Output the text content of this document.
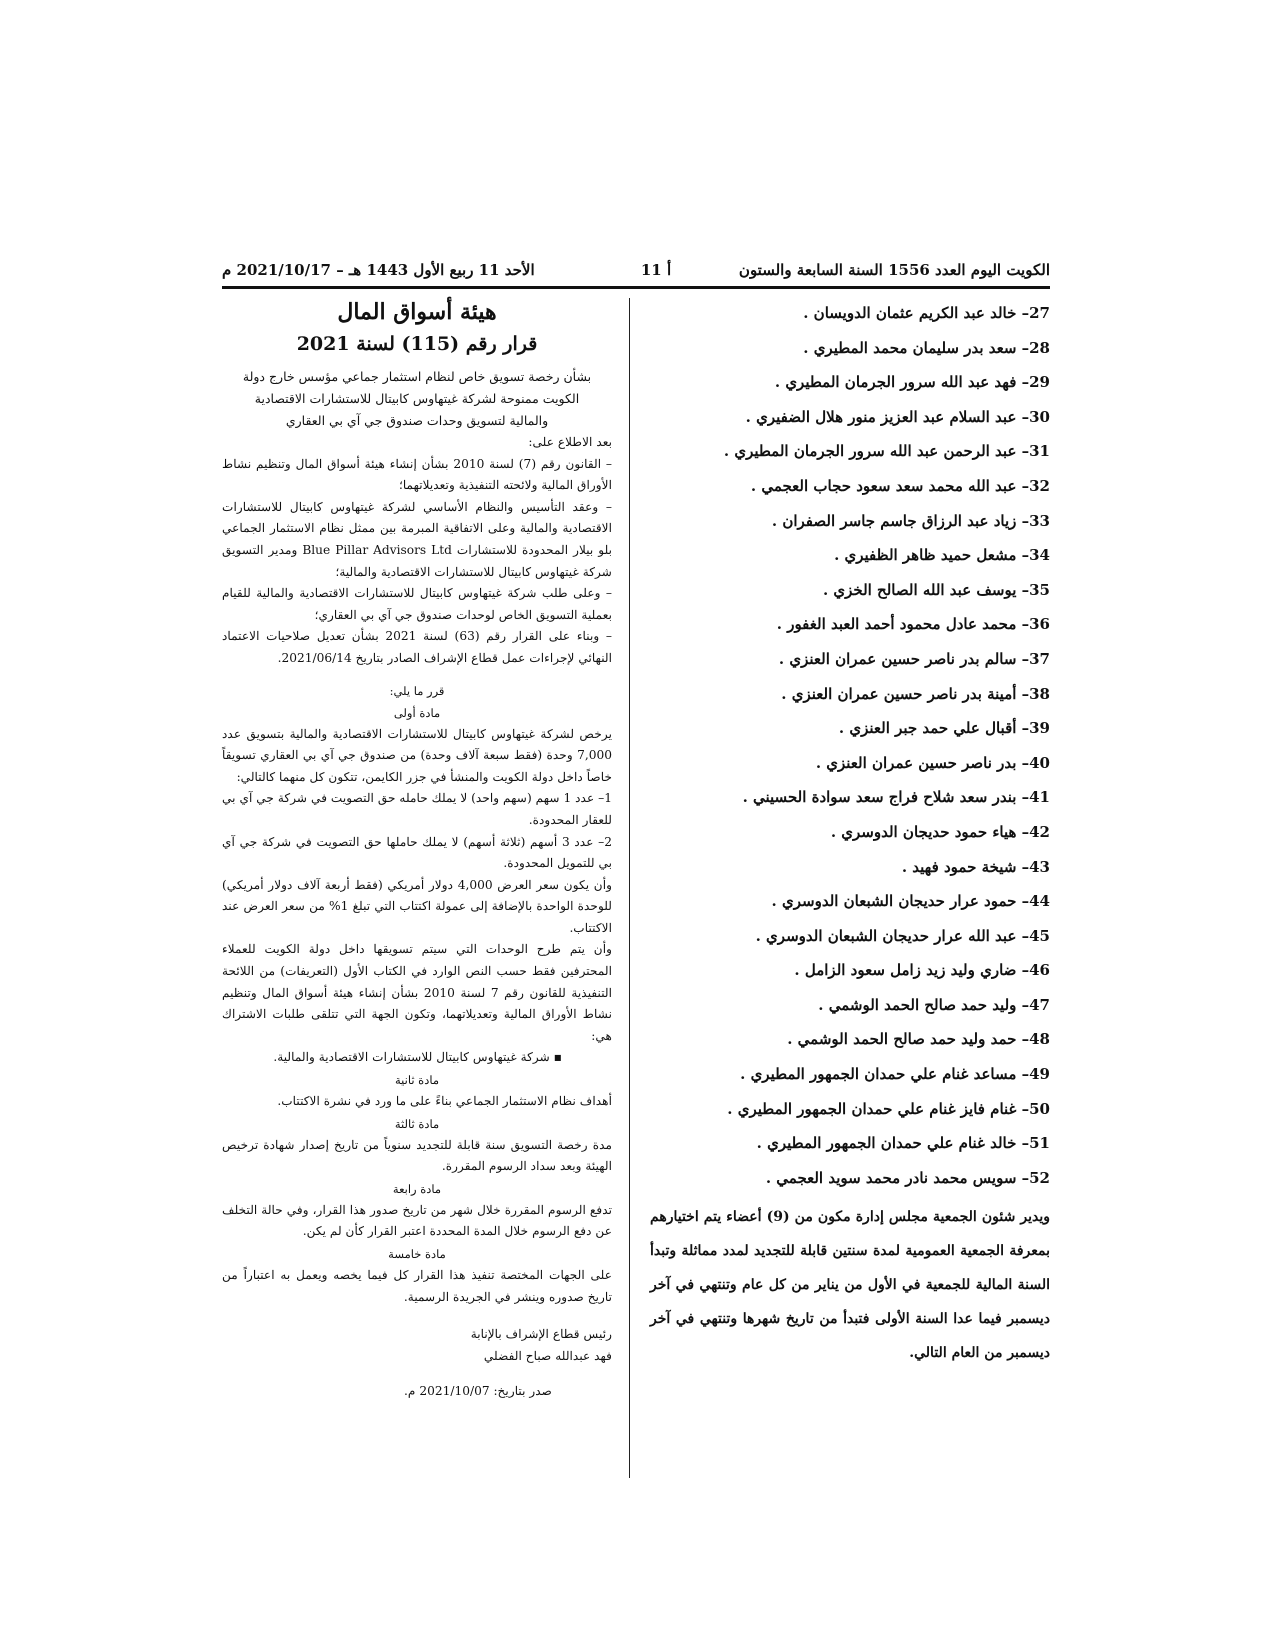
الكويت اليوم العدد 1556 السنة السابعة والستون
أ 11
الأحد 11 ربيع الأول 1443 هـ – 2021/10/17 م
27– خالد عبد الكريم عثمان الدويسان .
28– سعد بدر سليمان محمد المطيري .
29– فهد عبد الله سرور الجرمان المطيري .
30– عبد السلام عبد العزيز منور هلال الضفيري .
31– عبد الرحمن عبد الله سرور الجرمان المطيري .
32– عبد الله محمد سعد سعود حجاب العجمي .
33– زياد عبد الرزاق جاسم جاسر الصفران .
34– مشعل حميد ظاهر الظفيري .
35– يوسف عبد الله الصالح الخزي .
36– محمد عادل محمود أحمد العبد الغفور .
37– سالم بدر ناصر حسين عمران العنزي .
38– أمينة بدر ناصر حسين عمران العنزي .
39– أقبال علي حمد جبر العنزي .
40– بدر ناصر حسين عمران العنزي .
41– بندر سعد شلاح فراج سعد سوادة الحسيني .
42– هياء حمود حديجان الدوسري .
43– شيخة حمود فهيد .
44– حمود عرار حديجان الشبعان الدوسري .
45– عبد الله عرار حديجان الشبعان الدوسري .
46– ضاري وليد زيد زامل سعود الزامل .
47– وليد حمد صالح الحمد الوشمي .
48– حمد وليد حمد صالح الحمد الوشمي .
49– مساعد غنام علي حمدان الجمهور المطيري .
50– غنام فايز غنام علي حمدان الجمهور المطيري .
51– خالد غنام علي حمدان الجمهور المطيري .
52– سويس محمد نادر محمد سويد العجمي .

ويدير شئون الجمعية مجلس إدارة مكون من (9) أعضاء يتم اختيارهم بمعرفة الجمعية العمومية لمدة سنتين قابلة للتجديد لمدد مماثلة وتبدأ السنة المالية للجمعية في الأول من يناير من كل عام وتنتهي في آخر ديسمبر فيما عدا السنة الأولى فتبدأ من تاريخ شهرها وتنتهي في آخر ديسمبر من العام التالي.

هيئة أسواق المال

قرار رقم (115) لسنة 2021

بشأن رخصة تسويق خاص لنظام استثمار جماعي مؤسس خارج دولة الكويت ممنوحة لشركة غيتهاوس كابيتال للاستشارات الاقتصادية والمالية لتسويق وحدات صندوق جي آي بي العقاري

بعد الاطلاع على:

– القانون رقم (7) لسنة 2010 بشأن إنشاء هيئة أسواق المال وتنظيم نشاط الأوراق المالية ولائحته التنفيذية وتعديلاتهما؛

– وعقد التأسيس والنظام الأساسي لشركة غيتهاوس كابيتال للاستشارات الاقتصادية والمالية وعلى الاتفاقية المبرمة بين ممثل نظام الاستثمار الجماعي بلو بيلار المحدودة للاستشارات Blue Pillar Advisors Ltd ومدير التسويق شركة غيتهاوس كابيتال للاستشارات الاقتصادية والمالية؛

– وعلى طلب شركة غيتهاوس كابيتال للاستشارات الاقتصادية والمالية للقيام بعملية التسويق الخاص لوحدات صندوق جي آي بي العقاري؛

– وبناء على القرار رقم (63) لسنة 2021 بشأن تعديل صلاحيات الاعتماد النهائي لإجراءات عمل قطاع الإشراف الصادر بتاريخ 2021/06/14.

قرر ما يلي:

مادة أولى

يرخص لشركة غيتهاوس كابيتال للاستشارات الاقتصادية والمالية بتسويق عدد 7,000 وحدة (فقط سبعة آلاف وحدة) من صندوق جي آي بي العقاري تسويقاً خاصاً داخل دولة الكويت والمنشأ في جزر الكايمن، تتكون كل منهما كالتالي:

1– عدد 1 سهم (سهم واحد) لا يملك حامله حق التصويت في شركة جي آي بي للعقار المحدودة.

2– عدد 3 أسهم (ثلاثة أسهم) لا يملك حاملها حق التصويت في شركة جي آي بي للتمويل المحدودة.

وأن يكون سعر العرض 4,000 دولار أمريكي (فقط أربعة آلاف دولار أمريكي) للوحدة الواحدة بالإضافة إلى عمولة اكتتاب التي تبلغ 1% من سعر العرض عند الاكتتاب.

وأن يتم طرح الوحدات التي سيتم تسويقها داخل دولة الكويت للعملاء المحترفين فقط حسب النص الوارد في الكتاب الأول (التعريفات) من اللائحة التنفيذية للقانون رقم 7 لسنة 2010 بشأن إنشاء هيئة أسواق المال وتنظيم نشاط الأوراق المالية وتعديلاتهما، وتكون الجهة التي تتلقى طلبات الاشتراك هي:

▪ شركة غيتهاوس كابيتال للاستشارات الاقتصادية والمالية.

مادة ثانية

أهداف نظام الاستثمار الجماعي بناءً على ما ورد في نشرة الاكتتاب.

مادة ثالثة

مدة رخصة التسويق سنة قابلة للتجديد سنوياً من تاريخ إصدار شهادة ترخيص الهيئة وبعد سداد الرسوم المقررة.

مادة رابعة

تدفع الرسوم المقررة خلال شهر من تاريخ صدور هذا القرار، وفي حالة التخلف عن دفع الرسوم خلال المدة المحددة اعتبر القرار كأن لم يكن.

مادة خامسة

على الجهات المختصة تنفيذ هذا القرار كل فيما يخصه ويعمل به اعتباراً من تاريخ صدوره وينشر في الجريدة الرسمية.

رئيس قطاع الإشراف بالإنابة

فهد عبدالله صباح الفضلي

صدر بتاريخ: 2021/10/07 م.
